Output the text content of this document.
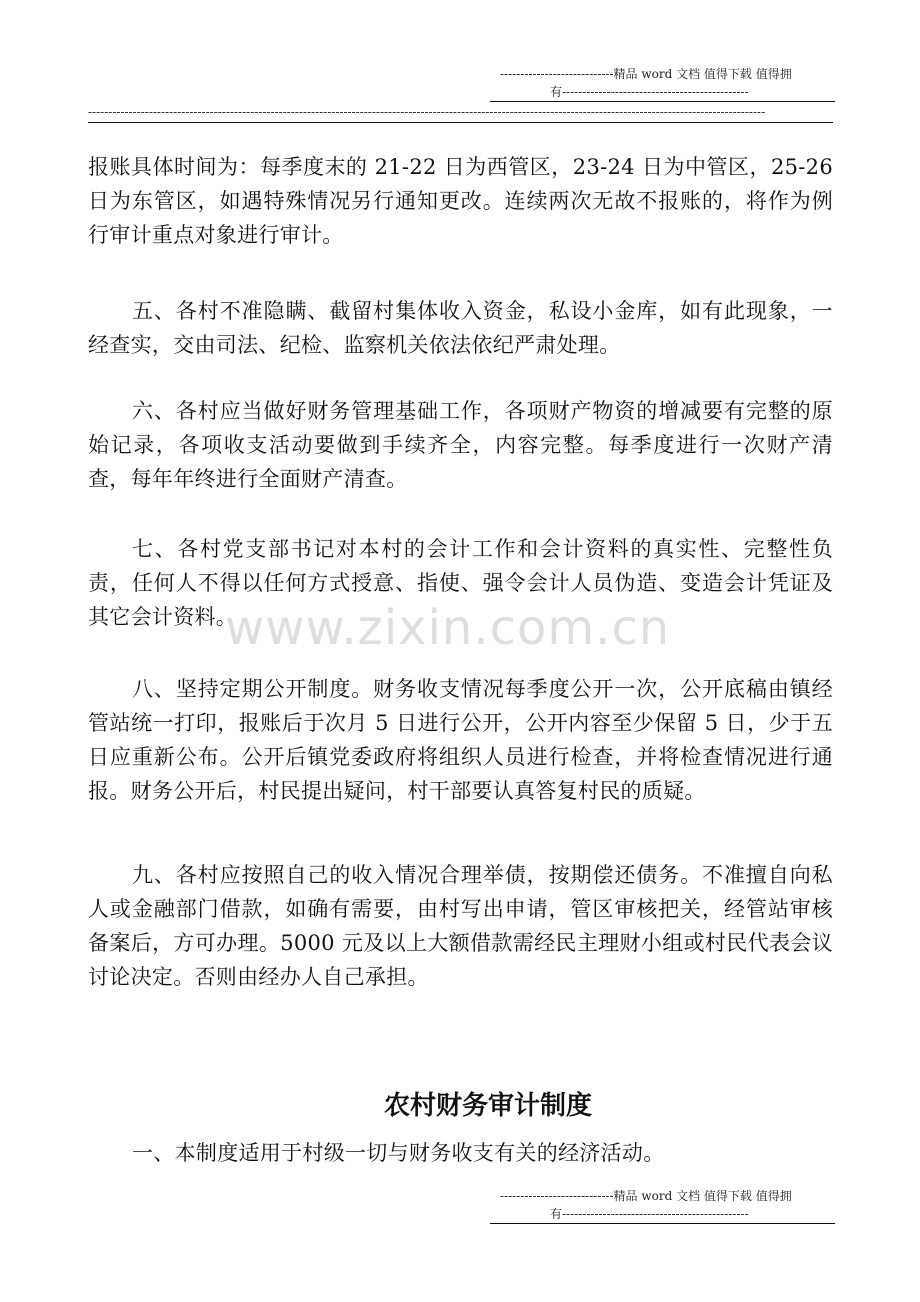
----------------------------精品 word 文档 值得下载 值得拥
有----------------------------------------------
-----------------------------------------------------------------------------------------------------------------------------------------------------------------------

报账具体时间为：每季度末的 21-22 日为西管区，23-24 日为中管区，25-26 日为东管区，如遇特殊情况另行通知更改。连续两次无故不报账的，将作为例行审计重点对象进行审计。

五、各村不准隐瞒、截留村集体收入资金，私设小金库，如有此现象，一经查实，交由司法、纪检、监察机关依法依纪严肃处理。

六、各村应当做好财务管理基础工作，各项财产物资的增减要有完整的原始记录，各项收支活动要做到手续齐全，内容完整。每季度进行一次财产清查，每年年终进行全面财产清查。

七、各村党支部书记对本村的会计工作和会计资料的真实性、完整性负责，任何人不得以任何方式授意、指使、强令会计人员伪造、变造会计凭证及其它会计资料。

八、坚持定期公开制度。财务收支情况每季度公开一次，公开底稿由镇经管站统一打印，报账后于次月 5 日进行公开，公开内容至少保留 5 日，少于五日应重新公布。公开后镇党委政府将组织人员进行检查，并将检查情况进行通报。财务公开后，村民提出疑问，村干部要认真答复村民的质疑。

九、各村应按照自己的收入情况合理举债，按期偿还债务。不准擅自向私人或金融部门借款，如确有需要，由村写出申请，管区审核把关，经管站审核备案后，方可办理。5000 元及以上大额借款需经民主理财小组或村民代表会议讨论决定。否则由经办人自己承担。

农村财务审计制度

一、本制度适用于村级一切与财务收支有关的经济活动。

www.zixin.com.cn
----------------------------精品 word 文档 值得下载 值得拥
有----------------------------------------------
